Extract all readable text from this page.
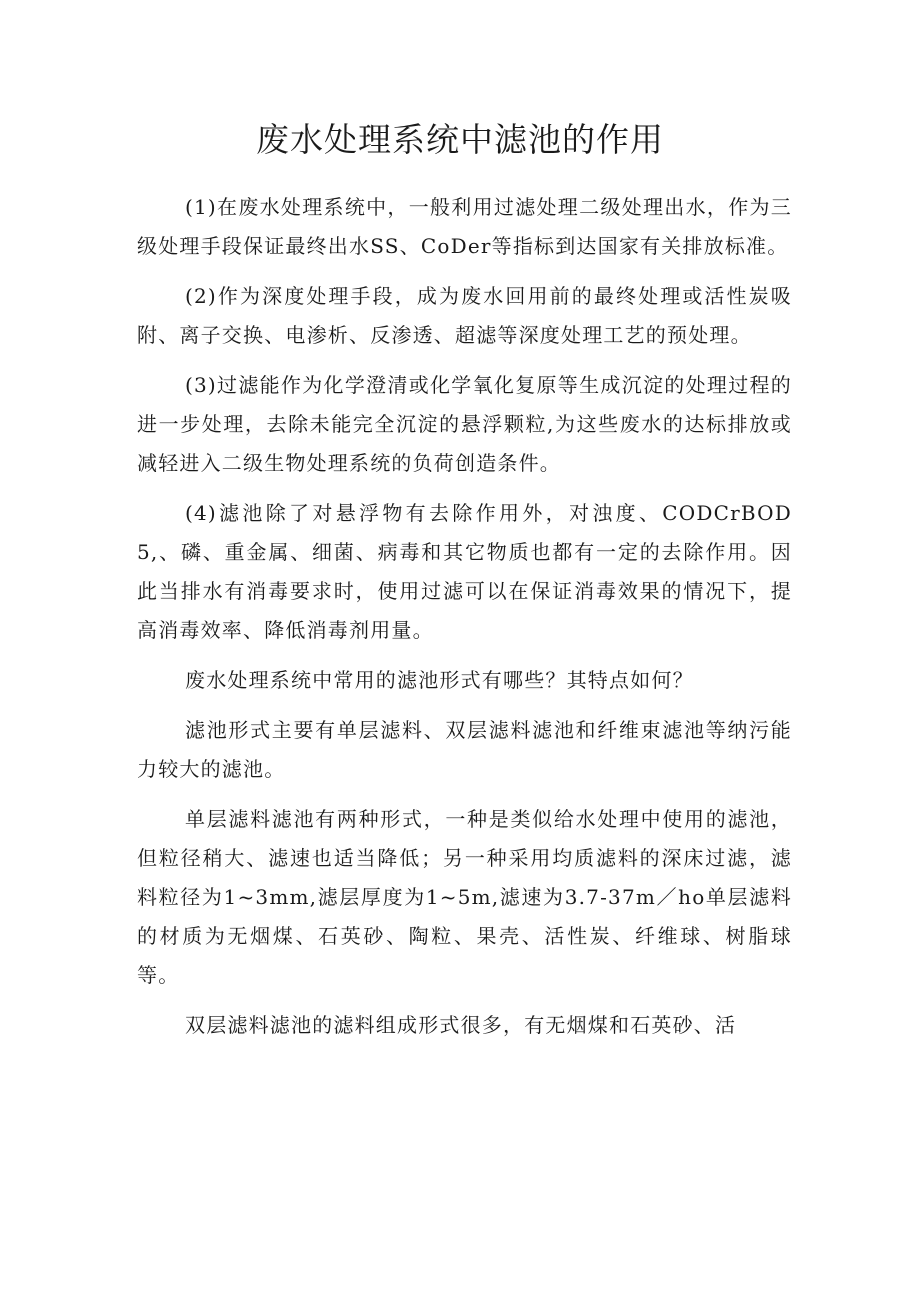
废水处理系统中滤池的作用

(1)在废水处理系统中，一般利用过滤处理二级处理出水，作为三级处理手段保证最终出水SS、CoDer等指标到达国家有关排放标准。

(2)作为深度处理手段，成为废水回用前的最终处理或活性炭吸附、离子交换、电渗析、反渗透、超滤等深度处理工艺的预处理。

(3)过滤能作为化学澄清或化学氧化复原等生成沉淀的处理过程的进一步处理，去除未能完全沉淀的悬浮颗粒,为这些废水的达标排放或减轻进入二级生物处理系统的负荷创造条件。

(4)滤池除了对悬浮物有去除作用外，对浊度、CODCrBOD5,、磷、重金属、细菌、病毒和其它物质也都有一定的去除作用。因此当排水有消毒要求时，使用过滤可以在保证消毒效果的情况下，提高消毒效率、降低消毒剂用量。

废水处理系统中常用的滤池形式有哪些？其特点如何？

滤池形式主要有单层滤料、双层滤料滤池和纤维束滤池等纳污能力较大的滤池。

单层滤料滤池有两种形式，一种是类似给水处理中使用的滤池，但粒径稍大、滤速也适当降低；另一种采用均质滤料的深床过滤，滤料粒径为1~3mm,滤层厚度为1~5m,滤速为3.7-37m／ho单层滤料的材质为无烟煤、石英砂、陶粒、果壳、活性炭、纤维球、树脂球等。

双层滤料滤池的滤料组成形式很多，有无烟煤和石英砂、活
